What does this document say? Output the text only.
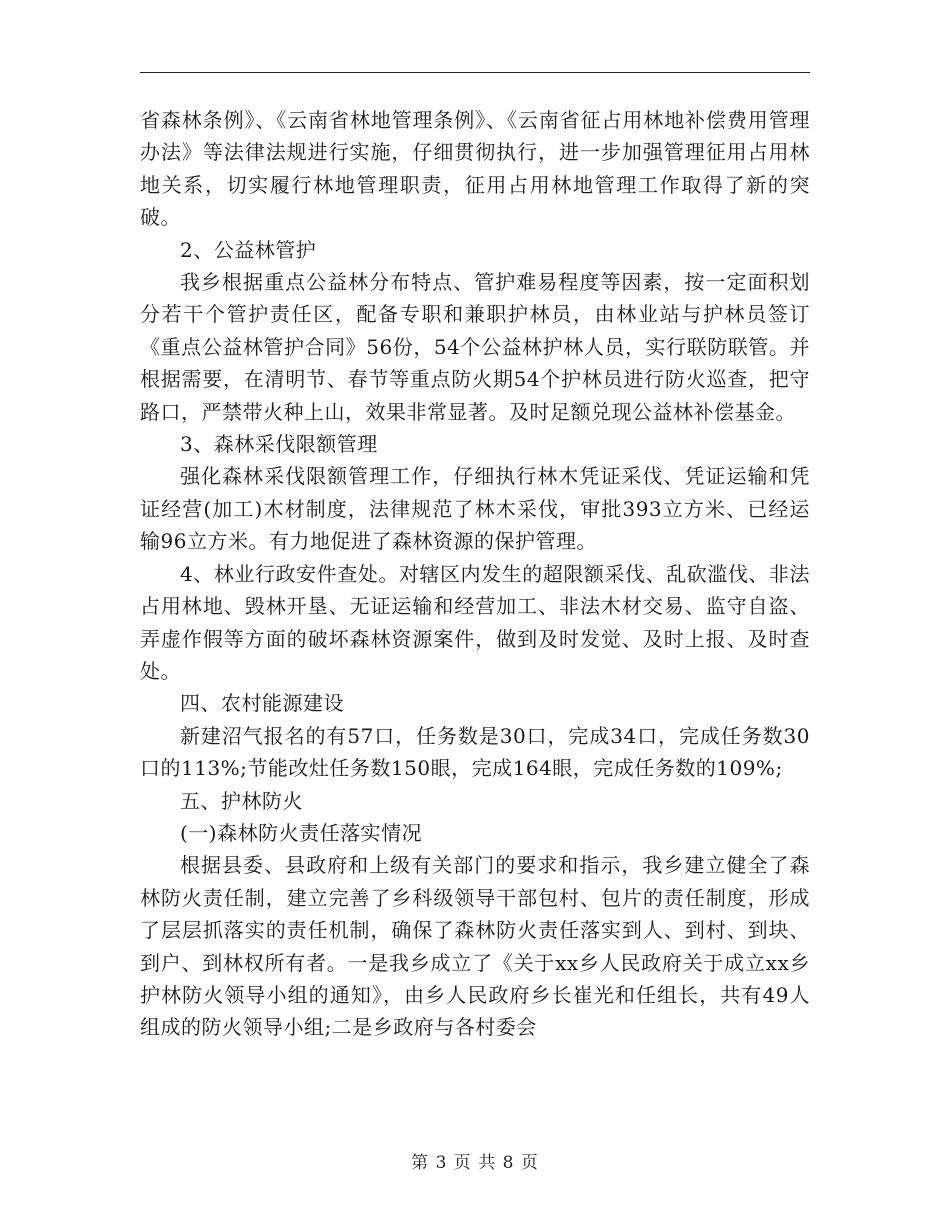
省森林条例》、《云南省林地管理条例》、《云南省征占用林地补偿费用管理办法》等法律法规进行实施，仔细贯彻执行，进一步加强管理征用占用林地关系，切实履行林地管理职责，征用占用林地管理工作取得了新的突破。

2、公益林管护

我乡根据重点公益林分布特点、管护难易程度等因素，按一定面积划分若干个管护责任区，配备专职和兼职护林员，由林业站与护林员签订《重点公益林管护合同》56份，54个公益林护林人员，实行联防联管。并根据需要，在清明节、春节等重点防火期54个护林员进行防火巡查，把守路口，严禁带火种上山，效果非常显著。及时足额兑现公益林补偿基金。

3、森林采伐限额管理

强化森林采伐限额管理工作，仔细执行林木凭证采伐、凭证运输和凭证经营(加工)木材制度，法律规范了林木采伐，审批393立方米、已经运输96立方米。有力地促进了森林资源的保护管理。

4、林业行政安件查处。对辖区内发生的超限额采伐、乱砍滥伐、非法占用林地、毁林开垦、无证运输和经营加工、非法木材交易、监守自盗、弄虚作假等方面的破坏森林资源案件，做到及时发觉、及时上报、及时查处。

四、农村能源建设

新建沼气报名的有57口，任务数是30口，完成34口，完成任务数30口的113%;节能改灶任务数150眼，完成164眼，完成任务数的109%;

五、护林防火

(一)森林防火责任落实情况

根据县委、县政府和上级有关部门的要求和指示，我乡建立健全了森林防火责任制，建立完善了乡科级领导干部包村、包片的责任制度，形成了层层抓落实的责任机制，确保了森林防火责任落实到人、到村、到块、到户、到林权所有者。一是我乡成立了《关于xx乡人民政府关于成立xx乡护林防火领导小组的通知》，由乡人民政府乡长崔光和任组长，共有49人组成的防火领导小组;二是乡政府与各村委会

第 3 页 共 8 页
